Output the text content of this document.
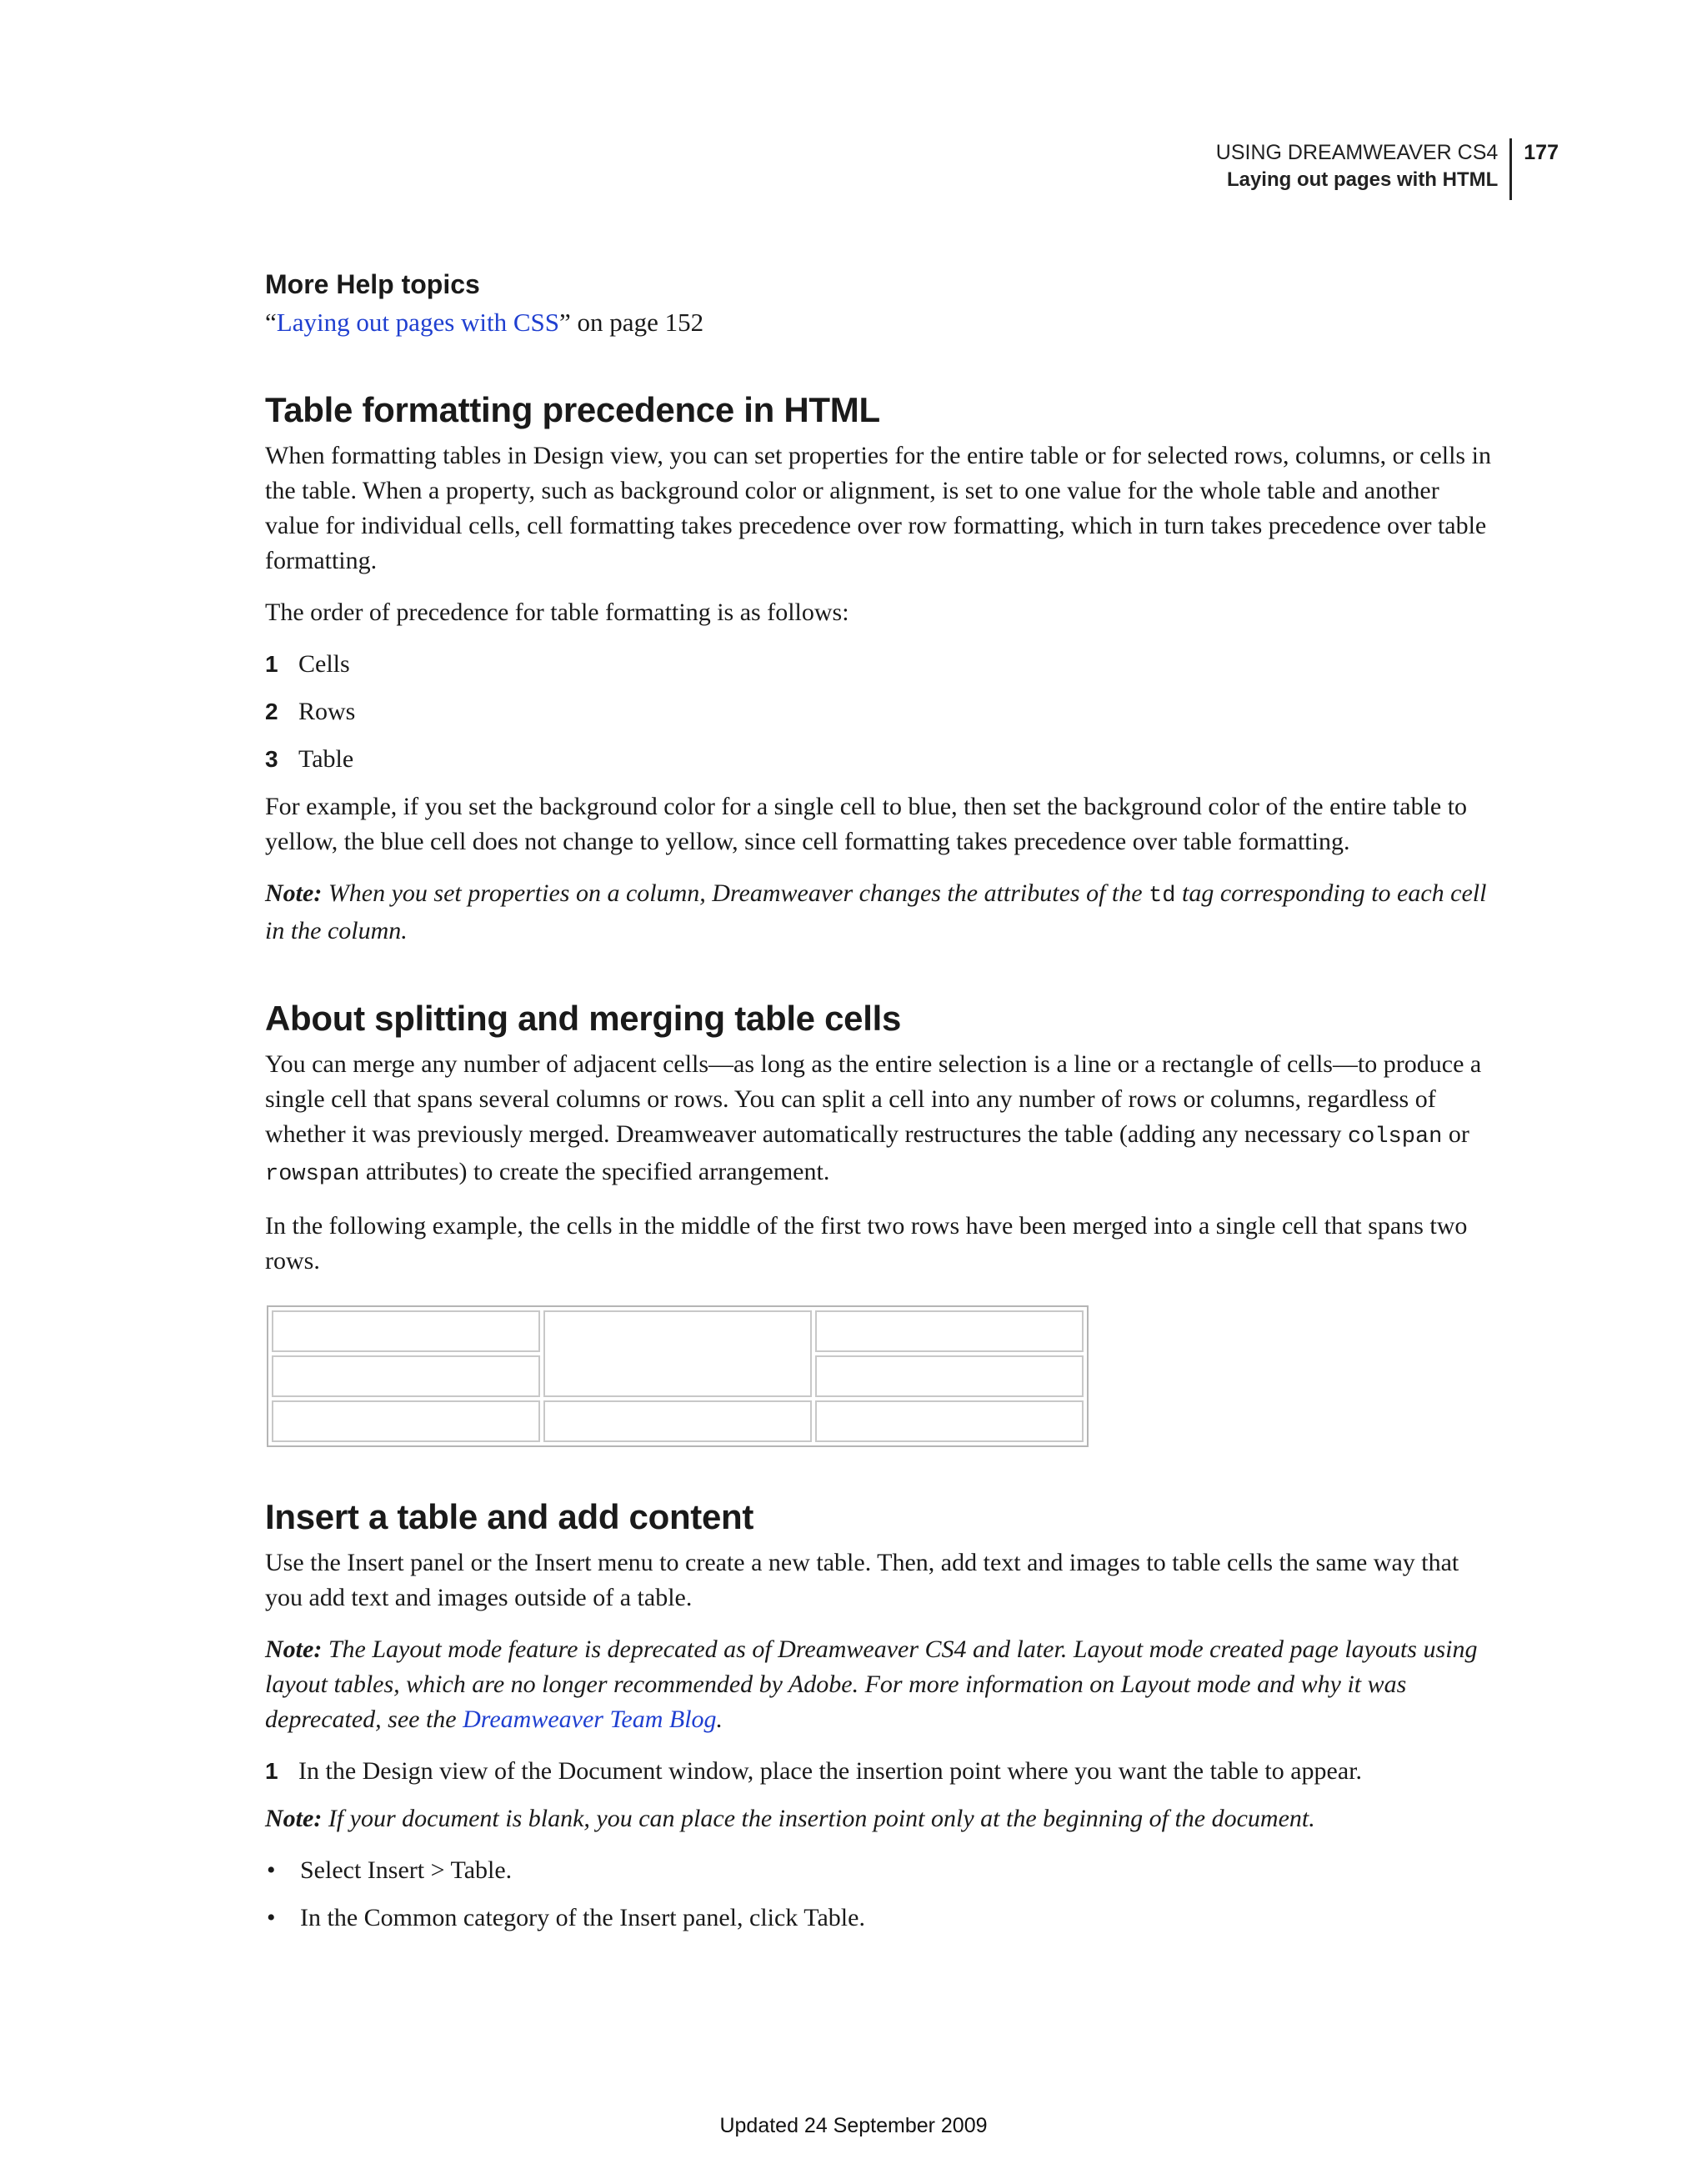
USING DREAMWEAVER CS4
Laying out pages with HTML
177

More Help topics

“Laying out pages with CSS” on page 152

Table formatting precedence in HTML

When formatting tables in Design view, you can set properties for the entire table or for selected rows, columns, or cells in the table. When a property, such as background color or alignment, is set to one value for the whole table and another value for individual cells, cell formatting takes precedence over row formatting, which in turn takes precedence over table formatting.

The order of precedence for table formatting is as follows:

1 Cells
2 Rows
3 Table

For example, if you set the background color for a single cell to blue, then set the background color of the entire table to yellow, the blue cell does not change to yellow, since cell formatting takes precedence over table formatting.

Note: When you set properties on a column, Dreamweaver changes the attributes of the td tag corresponding to each cell in the column.

About splitting and merging table cells

You can merge any number of adjacent cells—as long as the entire selection is a line or a rectangle of cells—to produce a single cell that spans several columns or rows. You can split a cell into any number of rows or columns, regardless of whether it was previously merged. Dreamweaver automatically restructures the table (adding any necessary colspan or rowspan attributes) to create the specified arrangement.

In the following example, the cells in the middle of the first two rows have been merged into a single cell that spans two rows.

Insert a table and add content

Use the Insert panel or the Insert menu to create a new table. Then, add text and images to table cells the same way that you add text and images outside of a table.

Note: The Layout mode feature is deprecated as of Dreamweaver CS4 and later. Layout mode created page layouts using layout tables, which are no longer recommended by Adobe. For more information on Layout mode and why it was deprecated, see the Dreamweaver Team Blog.

1 In the Design view of the Document window, place the insertion point where you want the table to appear.

Note: If your document is blank, you can place the insertion point only at the beginning of the document.

• Select Insert > Table.
• In the Common category of the Insert panel, click Table.
Updated 24 September 2009
